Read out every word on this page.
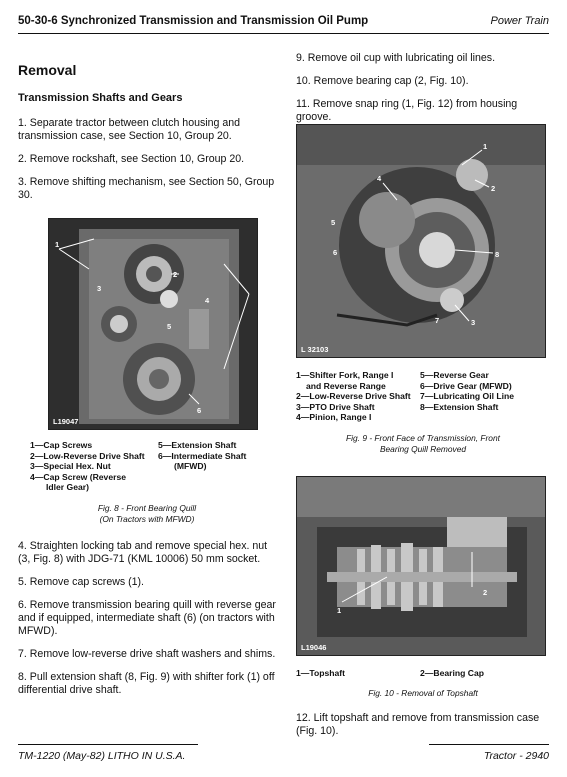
50-30-6 Synchronized Transmission and Transmission Oil Pump	Power Train
Removal
Transmission Shafts and Gears

1. Separate tractor between clutch housing and transmission case, see Section 10, Group 20.

2. Remove rockshaft, see Section 10, Group 20.

3. Remove shifting mechanism, see Section 50, Group 30.

1
2
3
4
5
6
L19047
1—Cap Screws
2—Low-Reverse Drive Shaft
3—Special Hex. Nut
4—Cap Screw (Reverse
Idler Gear)
5—Extension Shaft
6—Intermediate Shaft
(MFWD)
Fig. 8 - Front Bearing Quill
(On Tractors with MFWD)

4. Straighten locking tab and remove special hex. nut (3, Fig. 8) with JDG-71 (KML 10006) 50 mm socket.

5. Remove cap screws (1).

6. Remove transmission bearing quill with reverse gear and if equipped, intermediate shaft (6) (on tractors with MFWD).

7. Remove low-reverse drive shaft washers and shims.

8. Pull extension shaft (8, Fig. 9) with shifter fork (1) off differential drive shaft.

9. Remove oil cup with lubricating oil lines.

10. Remove bearing cap (2, Fig. 10).

11. Remove snap ring (1, Fig. 12) from housing groove.

1
2
3
4
5
6
7
8
L 32103
1—Shifter Fork, Range I
and Reverse Range
2—Low-Reverse Drive Shaft
3—PTO Drive Shaft
4—Pinion, Range I
5—Reverse Gear
6—Drive Gear (MFWD)
7—Lubricating Oil Line
8—Extension Shaft
Fig. 9 - Front Face of Transmission, Front
Bearing Quill Removed
1
2
L19046
1—Topshaft	2—Bearing Cap
Fig. 10 - Removal of Topshaft

12. Lift topshaft and remove from transmission case (Fig. 10).

TM-1220 (May-82) LITHO IN U.S.A.	Tractor - 2940
